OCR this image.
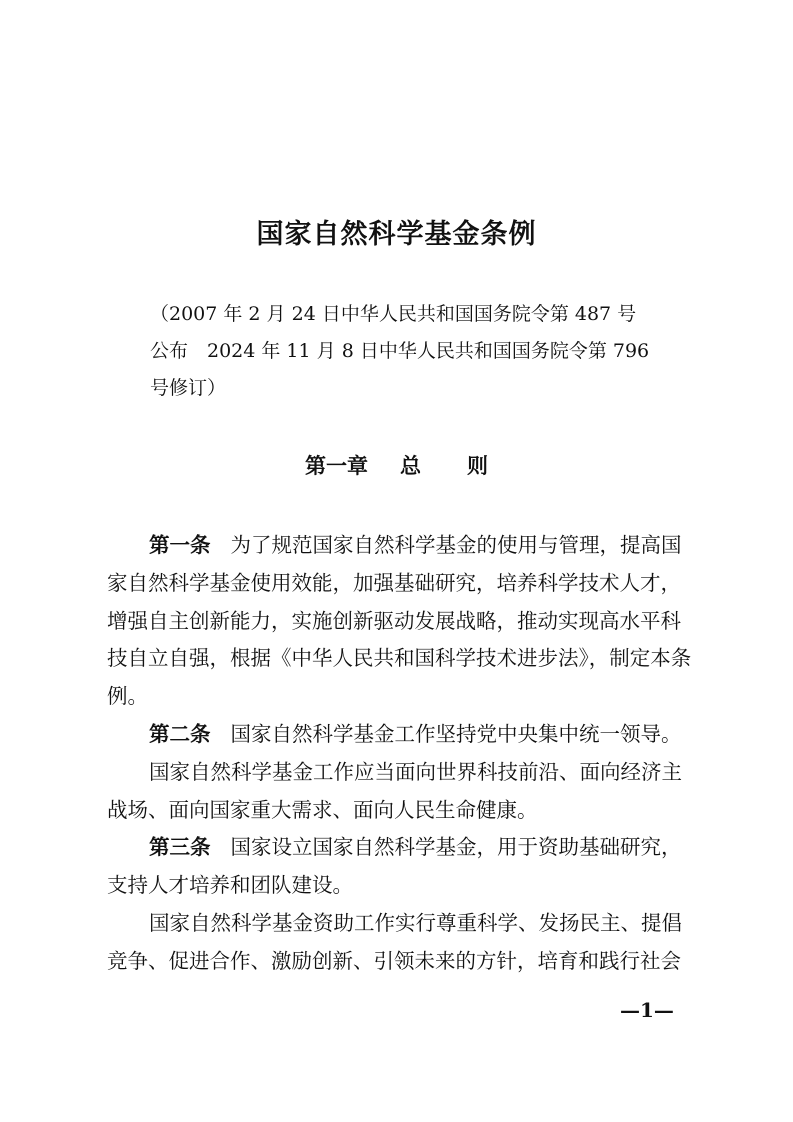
国家自然科学基金条例
（2007 年 2 月 24 日中华人民共和国国务院令第 487 号
公布　2024 年 11 月 8 日中华人民共和国国务院令第 796
号修订）
第一章 总 则
第一条 为了规范国家自然科学基金的使用与管理，提高国
家自然科学基金使用效能，加强基础研究，培养科学技术人才，
增强自主创新能力，实施创新驱动发展战略，推动实现高水平科
技自立自强，根据《中华人民共和国科学技术进步法》，制定本条
例。
第二条 国家自然科学基金工作坚持党中央集中统一领导。
国家自然科学基金工作应当面向世界科技前沿、面向经济主
战场、面向国家重大需求、面向人民生命健康。
第三条 国家设立国家自然科学基金，用于资助基础研究，
支持人才培养和团队建设。
国家自然科学基金资助工作实行尊重科学、发扬民主、提倡
竞争、促进合作、激励创新、引领未来的方针，培育和践行社会
—1—
